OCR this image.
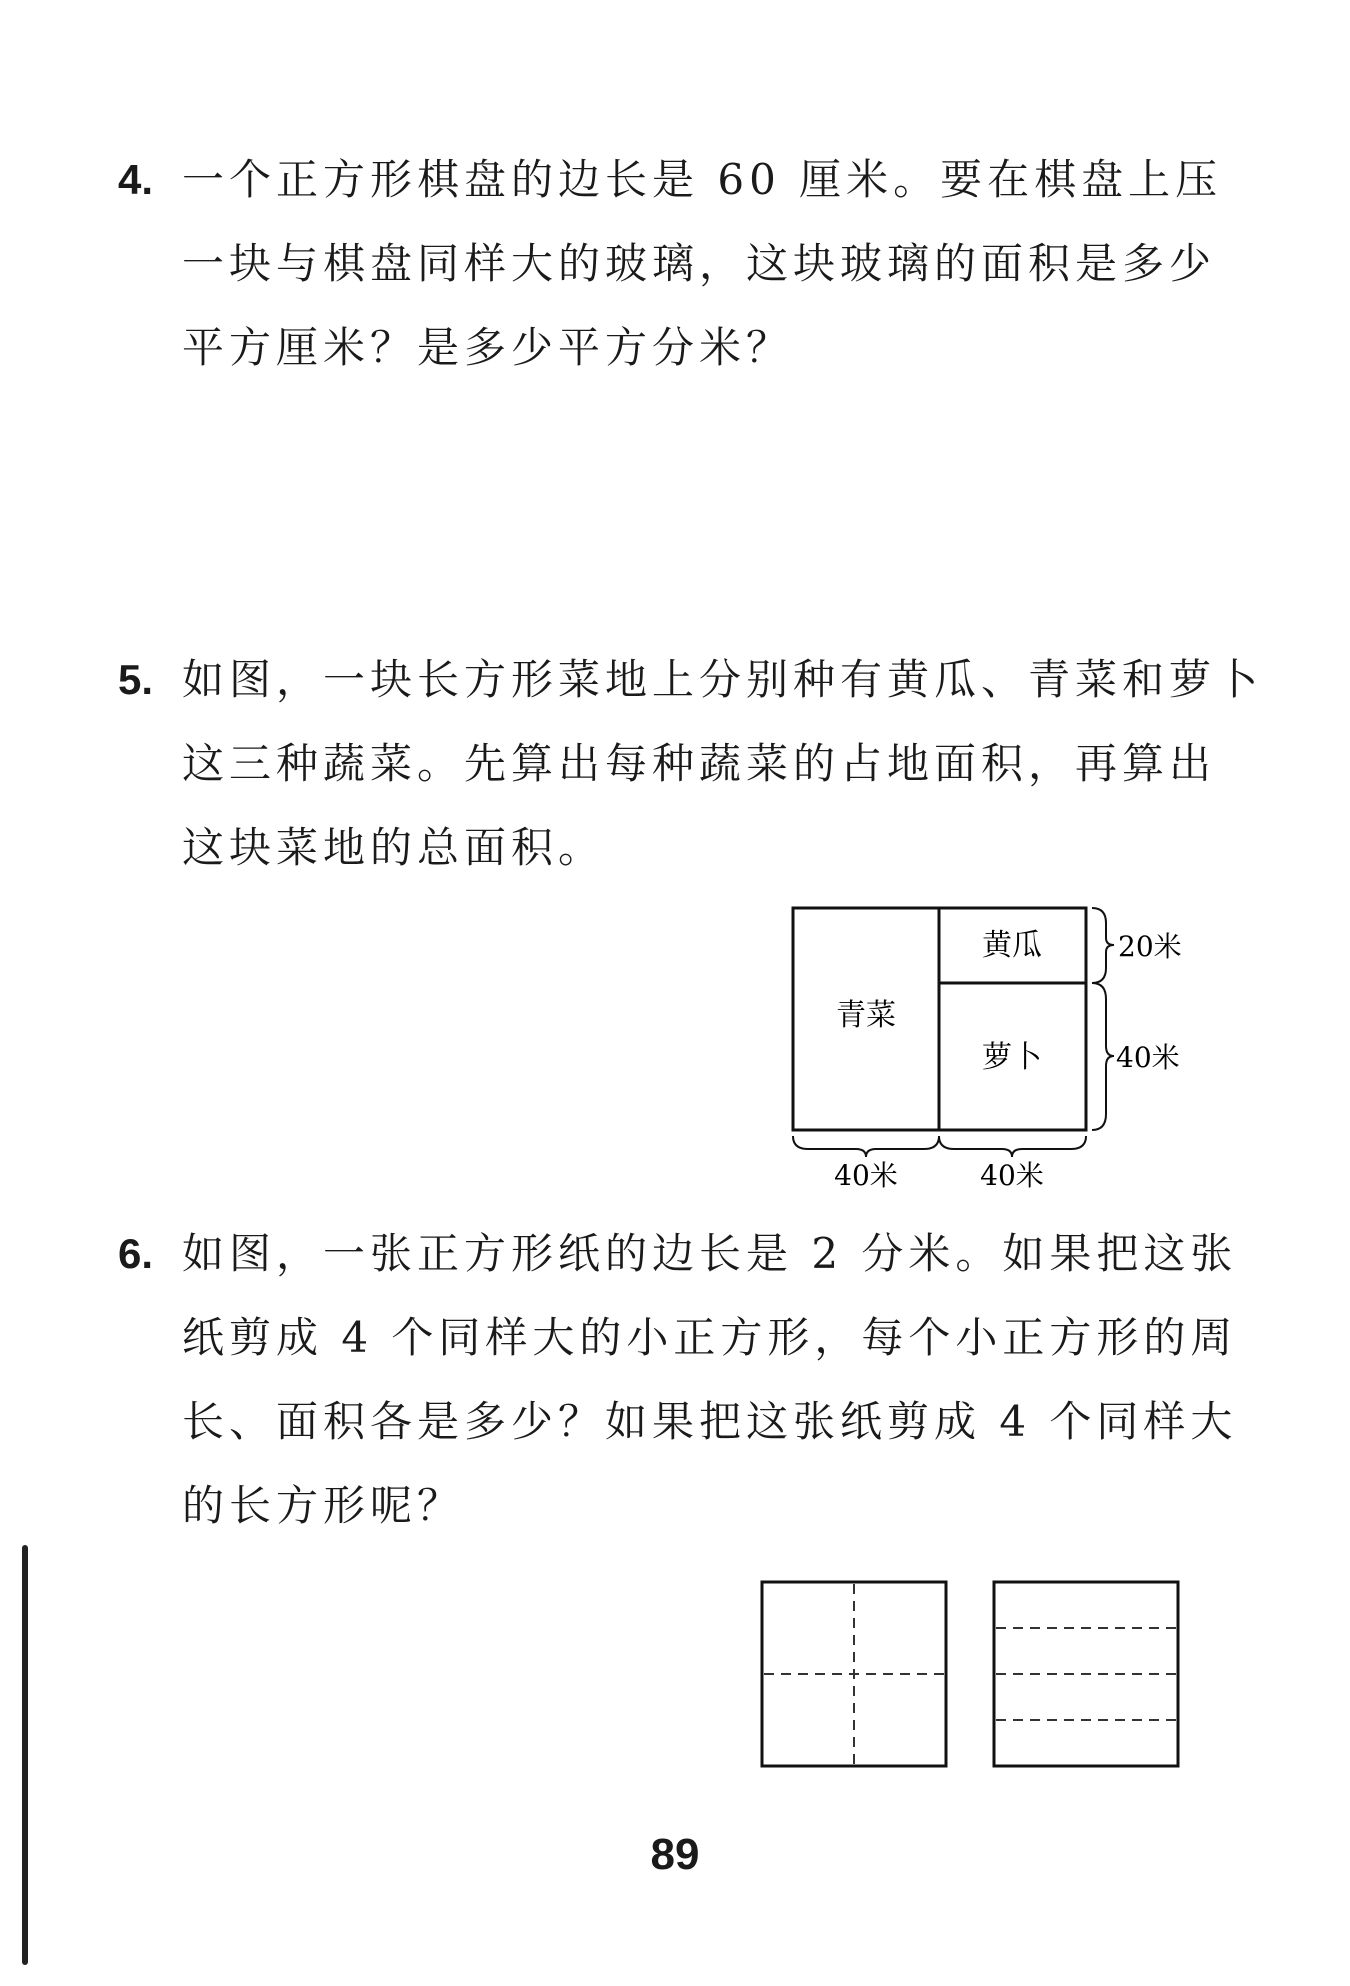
4. 一个正方形棋盘的边长是 60 厘米。要在棋盘上压
一块与棋盘同样大的玻璃，这块玻璃的面积是多少
平方厘米？是多少平方分米？
5. 如图，一块长方形菜地上分别种有黄瓜、青菜和萝卜
这三种蔬菜。先算出每种蔬菜的占地面积，再算出
这块菜地的总面积。
青菜
黄瓜
萝卜
20米
40米
40米	40米
6. 如图，一张正方形纸的边长是 2 分米。如果把这张
纸剪成 4 个同样大的小正方形，每个小正方形的周
长、面积各是多少？如果把这张纸剪成 4 个同样大
的长方形呢？
89
